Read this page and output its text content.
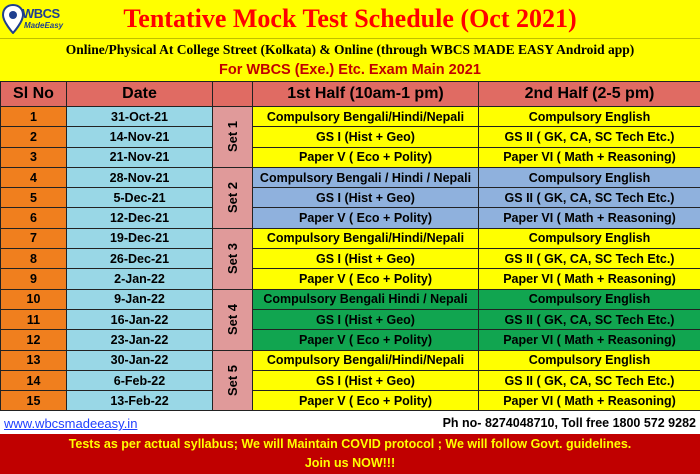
WBCS
MadeEasy	Tentative Mock Test Schedule (Oct 2021)
Online/Physical At College Street (Kolkata) & Online (through WBCS MADE EASY Android app)
For WBCS (Exe.) Etc. Exam Main 2021
Sl No	Date		1st Half (10am-1 pm)	2nd Half (2-5 pm)
1	31-Oct-21	Set 1	Compulsory Bengali/Hindi/Nepali	Compulsory English
2	14-Nov-21		GS I (Hist + Geo)	GS II ( GK, CA, SC Tech Etc.)
3	21-Nov-21		Paper V ( Eco + Polity)	Paper VI ( Math + Reasoning)
4	28-Nov-21	Set 2	Compulsory Bengali / Hindi / Nepali	Compulsory English
5	5-Dec-21		GS I (Hist + Geo)	GS II ( GK, CA, SC Tech Etc.)
6	12-Dec-21		Paper V ( Eco + Polity)	Paper VI ( Math + Reasoning)
7	19-Dec-21	Set 3	Compulsory Bengali/Hindi/Nepali	Compulsory English
8	26-Dec-21		GS I (Hist + Geo)	GS II ( GK, CA, SC Tech Etc.)
9	2-Jan-22		Paper V ( Eco + Polity)	Paper VI ( Math + Reasoning)
10	9-Jan-22	Set 4	Compulsory Bengali Hindi / Nepali	Compulsory English
11	16-Jan-22		GS I (Hist + Geo)	GS II ( GK, CA, SC Tech Etc.)
12	23-Jan-22		Paper V ( Eco + Polity)	Paper VI ( Math + Reasoning)
13	30-Jan-22	Set 5	Compulsory Bengali/Hindi/Nepali	Compulsory English
14	6-Feb-22		GS I (Hist + Geo)	GS II ( GK, CA, SC Tech Etc.)
15	13-Feb-22		Paper V ( Eco + Polity)	Paper VI ( Math + Reasoning)
www.wbcsmadeeasy.in	Ph no- 8274048710, Toll free 1800 572 9282
Tests as per actual syllabus; We will Maintain COVID protocol ; We will follow Govt. guidelines.
Join us NOW!!!
